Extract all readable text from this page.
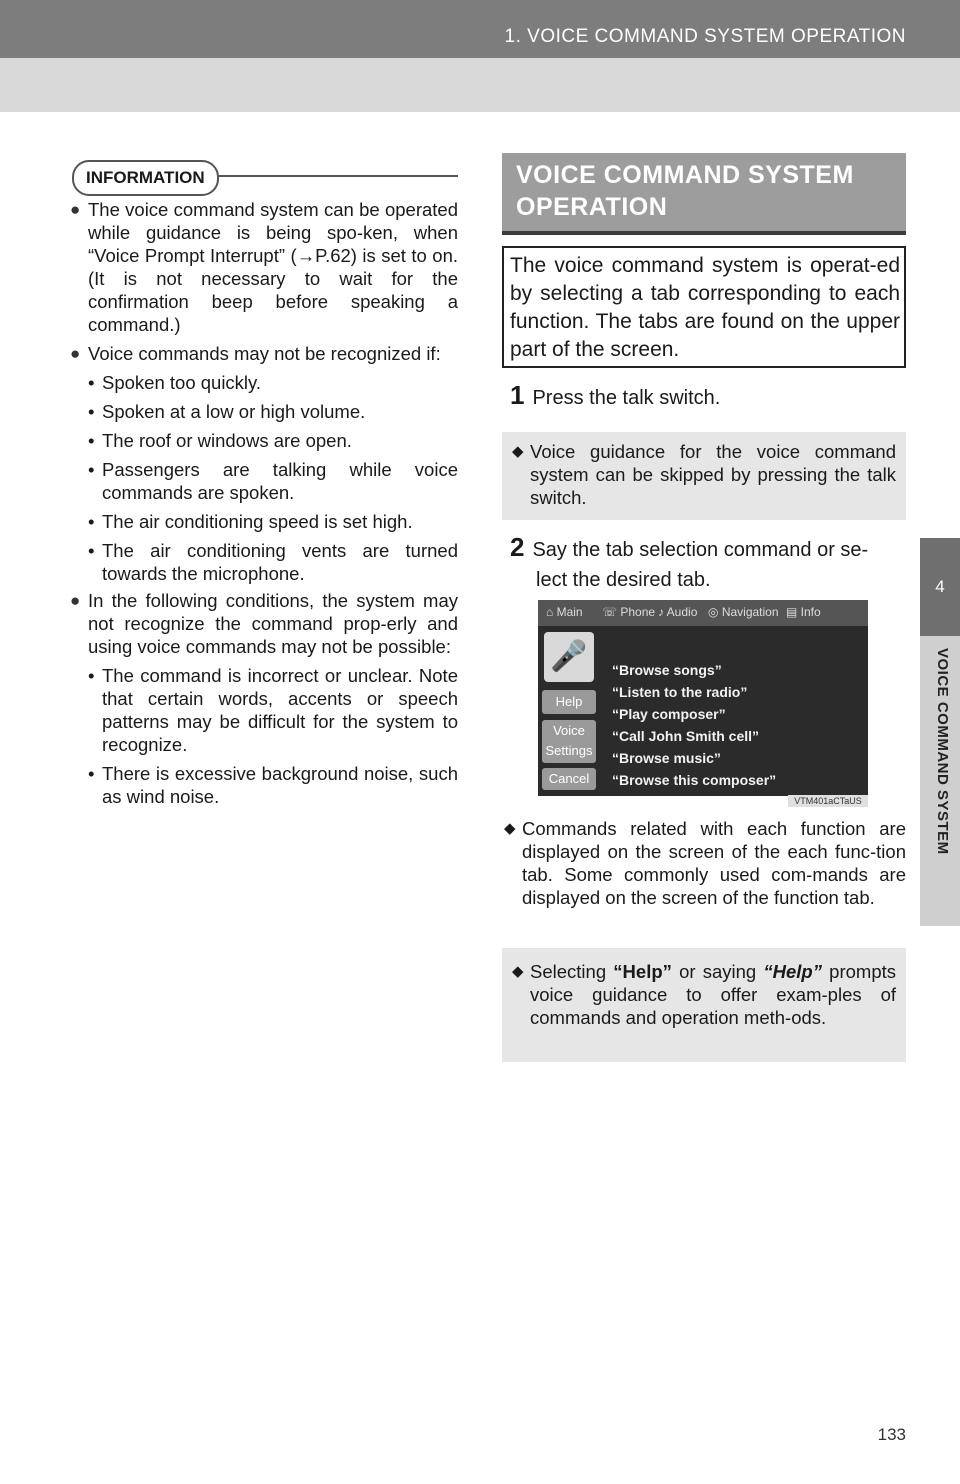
1. VOICE COMMAND SYSTEM OPERATION
4
VOICE COMMAND SYSTEM
INFORMATION
● The voice command system can be operated while guidance is being spo-ken, when “Voice Prompt Interrupt” (→P.62) is set to on. (It is not necessary to wait for the confirmation beep before speaking a command.)
● Voice commands may not be recognized if:
• Spoken too quickly.
• Spoken at a low or high volume.
• The roof or windows are open.
• Passengers are talking while voice commands are spoken.
• The air conditioning speed is set high.
• The air conditioning vents are turned towards the microphone.
● In the following conditions, the system may not recognize the command prop-erly and using voice commands may not be possible:
• The command is incorrect or unclear. Note that certain words, accents or speech patterns may be difficult for the system to recognize.
• There is excessive background noise, such as wind noise.
VOICE COMMAND SYSTEM
OPERATION
The voice command system is operat-ed by selecting a tab corresponding to each function. The tabs are found on the upper part of the screen.
1 Press the talk switch.
◆ Voice guidance for the voice command system can be skipped by pressing the talk switch.
2 Say the tab selection command or se-
lect the desired tab.
⌂ Main ☏ Phone ♪ Audio ◎ Navigation ▤ Info
🎤
Help
Voice Settings
Cancel
“Browse songs”
“Listen to the radio”
“Play composer”
“Call John Smith cell”
“Browse music”
“Browse this composer”
VTM401aCTaUS
◆ Commands related with each function are displayed on the screen of the each func-tion tab. Some commonly used com-mands are displayed on the screen of the function tab.
◆ Selecting “Help” or saying “Help” prompts voice guidance to offer exam-ples of commands and operation meth-ods.
133
